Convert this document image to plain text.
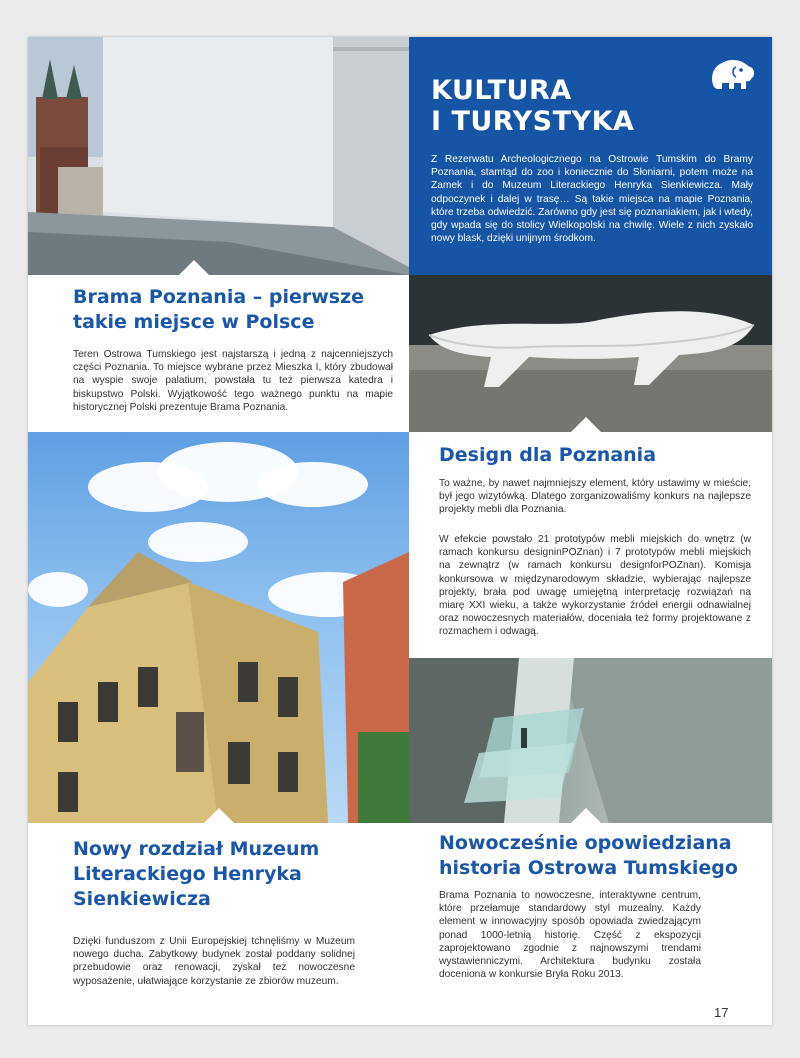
KULTURA
I TURYSTYKA
Z Rezerwatu Archeologicznego na Ostrowie Tumskim do Bramy Poznania, stamtąd do zoo i koniecznie do Słoniarni, potem może na Zamek i do Muzeum Literackiego Henryka Sienkiewicza. Mały odpoczynek i dalej w trasę… Są takie miejsca na mapie Poznania, które trzeba odwiedzić. Zarówno gdy jest się poznaniakiem, jak i wtedy, gdy wpada się do stolicy Wielkopolski na chwilę. Wiele z nich zyskało nowy blask, dzięki unijnym środkom.
Brama Poznania – pierwsze
takie miejsce w Polsce
Teren Ostrowa Tumskiego jest najstarszą i jedną z najcenniejszych części Poznania. To miejsce wybrane przez Mieszka I, który zbudował na wyspie swoje palatium, powstała tu też pierwsza katedra i biskupstwo Polski. Wyjątkowość tego ważnego punktu na mapie historycznej Polski prezentuje Brama Poznania.
Design dla Poznania
To ważne, by nawet najmniejszy element, który ustawimy w mieście, był jego wizytówką. Dlatego zorganizowaliśmy konkurs na najlepsze projekty mebli dla Poznania.
W efekcie powstało 21 prototypów mebli miejskich do wnętrz (w ramach konkursu designinPOZnan) i 7 prototypów mebli miejskich na zewnątrz (w ramach konkursu designforPOZnan). Komisja konkursowa w międzynarodowym składzie, wybierając najlepsze projekty, brała pod uwagę umiejętną interpretację rozwiązań na miarę XXI wieku, a także wykorzystanie źródeł energii odnawialnej oraz nowoczesnych materiałów, doceniała też formy projektowane z rozmachem i odwagą.
Nowy rozdział Muzeum
Literackiego Henryka
Sienkiewicza
Dzięki funduszom z Unii Europejskiej tchnęliśmy w Muzeum nowego ducha. Zabytkowy budynek został poddany solidnej przebudowie oraz renowacji, zyskał też nowoczesne wyposażenie, ułatwiające korzystanie ze zbiorów muzeum.
Nowocześnie opowiedziana
historia Ostrowa Tumskiego
Brama Poznania to nowoczesne, interaktywne centrum, które przełamuje standardowy styl muzealny. Każdy element w innowacyjny sposób opowiada zwiedzającym ponad 1000-letnią historię. Część z ekspozycji zaprojektowano zgodnie z najnowszymi trendami wystawienniczymi. Architektura budynku została doceniona w konkursie Bryła Roku 2013.
17
